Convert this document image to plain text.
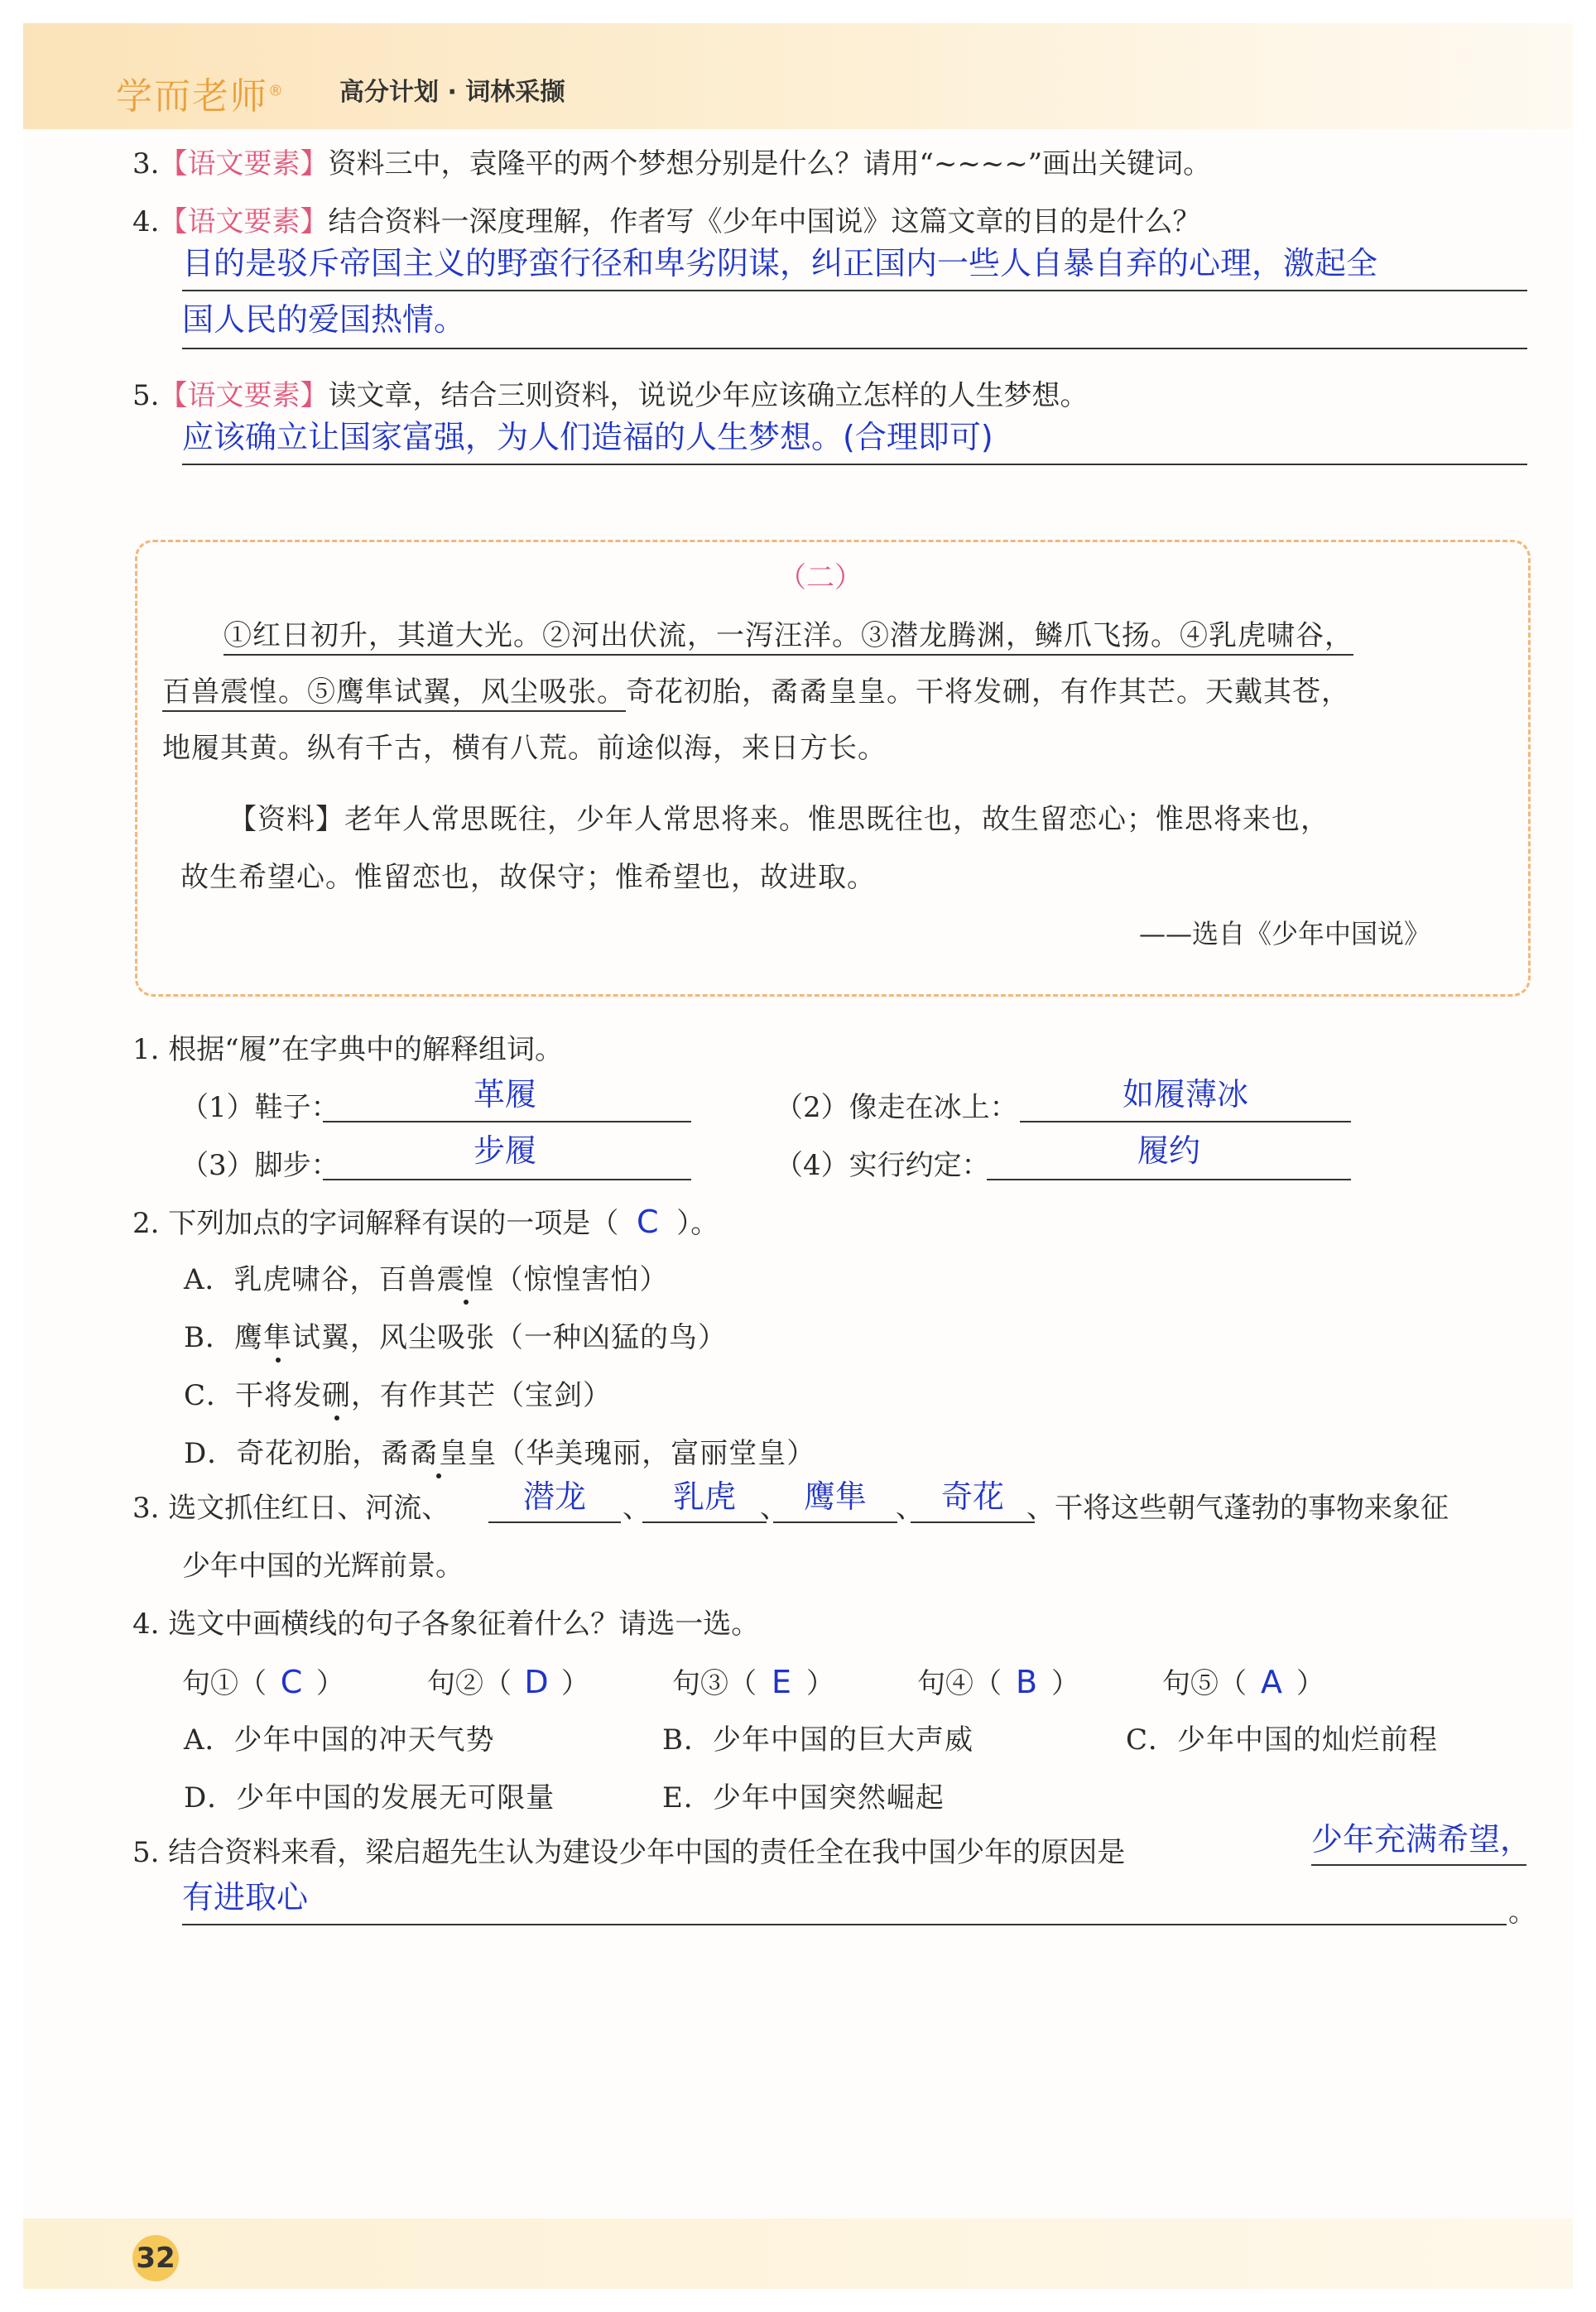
学而老师® 高分计划 · 词林采撷
3.【语文要素】资料三中，袁隆平的两个梦想分别是什么？请用“~~~~”画出关键词。
4.【语文要素】结合资料一深度理解，作者写《少年中国说》这篇文章的目的是什么？
目的是驳斥帝国主义的野蛮行径和卑劣阴谋，纠正国内一些人自暴自弃的心理，激起全
国人民的爱国热情。
5.【语文要素】读文章，结合三则资料，说说少年应该确立怎样的人生梦想。
应该确立让国家富强，为人们造福的人生梦想。(合理即可)
（二）
①红日初升，其道大光。②河出伏流，一泻汪洋。③潜龙腾渊，鳞爪飞扬。④乳虎啸谷，
百兽震惶。⑤鹰隼试翼，风尘吸张。奇花初胎，矞矞皇皇。干将发硎，有作其芒。天戴其苍，
地履其黄。纵有千古，横有八荒。前途似海，来日方长。
【资料】老年人常思既往，少年人常思将来。惟思既往也，故生留恋心；惟思将来也，
故生希望心。惟留恋也，故保守；惟希望也，故进取。
——选自《少年中国说》
1. 根据“履”在字典中的解释组词。
（1）鞋子：	革履	（2）像走在冰上：	如履薄冰
（3）脚步：	步履	（4）实行约定：	履约
2. 下列加点的字词解释有误的一项是（ C ）。
A．乳虎啸谷，百兽震惶（惊惶害怕）
B．鹰隼试翼，风尘吸张（一种凶猛的鸟）
C．干将发硎，有作其芒（宝剑）
D．奇花初胎，矞矞皇皇（华美瑰丽，富丽堂皇）
3. 选文抓住红日、河流、	潜龙	、 乳虎 、 鹰隼	、 奇花 、干将这些朝气蓬勃的事物来象征
少年中国的光辉前景。
4. 选文中画横线的句子各象征着什么？请选一选。
句①（ C ）	句②（ D ）	句③（ E ）	句④（ B ）	句⑤（ A ）
A．少年中国的冲天气势	B．少年中国的巨大声威	C．少年中国的灿烂前程
D．少年中国的发展无可限量	E．少年中国突然崛起
5. 结合资料来看，梁启超先生认为建设少年中国的责任全在我中国少年的原因是	少年充满希望，
有进取心	。
32
